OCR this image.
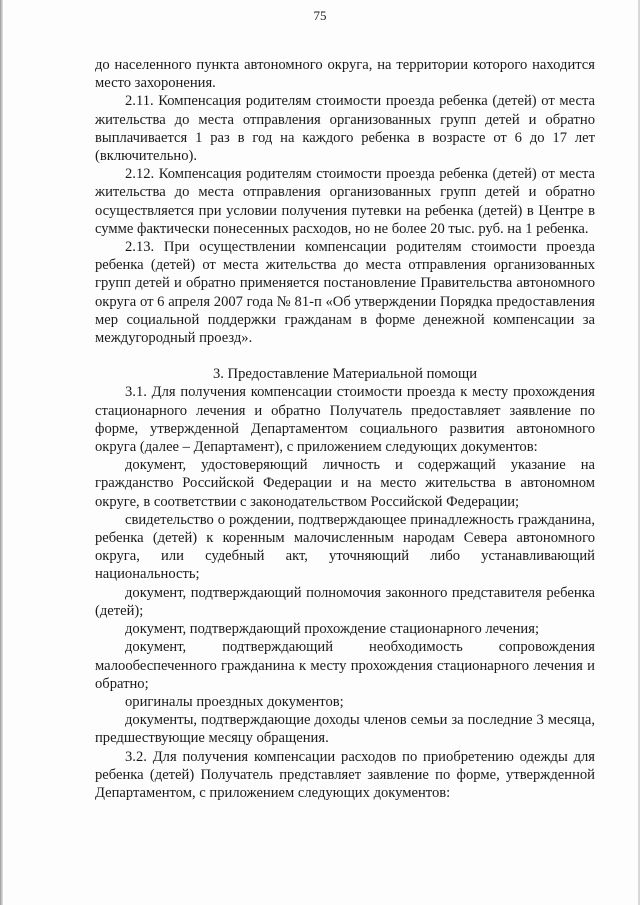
75

до населенного пункта автономного округа, на территории которого находится место захоронения.

2.11. Компенсация родителям стоимости проезда ребенка (детей) от места жительства до места отправления организованных групп детей и обратно выплачивается 1 раз в год на каждого ребенка в возрасте от 6 до 17 лет (включительно).

2.12. Компенсация родителям стоимости проезда ребенка (детей) от места жительства до места отправления организованных групп детей и обратно осуществляется при условии получения путевки на ребенка (детей) в Центре в сумме фактически понесенных расходов, но не более 20 тыс. руб. на 1 ребенка.

2.13. При осуществлении компенсации родителям стоимости проезда ребенка (детей) от места жительства до места отправления организованных групп детей и обратно применяется постановление Правительства автономного округа от 6 апреля 2007 года № 81-п «Об утверждении Порядка предоставления мер социальной поддержки гражданам в форме денежной компенсации за междугородный проезд».

3. Предоставление Материальной помощи

3.1. Для получения компенсации стоимости проезда к месту прохождения стационарного лечения и обратно Получатель предоставляет заявление по форме, утвержденной Департаментом социального развития автономного округа (далее – Департамент), с приложением следующих документов:

документ, удостоверяющий личность и содержащий указание на гражданство Российской Федерации и на место жительства в автономном округе, в соответствии с законодательством Российской Федерации;

свидетельство о рождении, подтверждающее принадлежность гражданина, ребенка (детей) к коренным малочисленным народам Севера автономного округа, или судебный акт, уточняющий либо устанавливающий национальность;

документ, подтверждающий полномочия законного представителя ребенка (детей);

документ, подтверждающий прохождение стационарного лечения;

документ, подтверждающий необходимость сопровождения малообеспеченного гражданина к месту прохождения стационарного лечения и обратно;

оригиналы проездных документов;

документы, подтверждающие доходы членов семьи за последние 3 месяца, предшествующие месяцу обращения.

3.2. Для получения компенсации расходов по приобретению одежды для ребенка (детей) Получатель представляет заявление по форме, утвержденной Департаментом, с приложением следующих документов:
